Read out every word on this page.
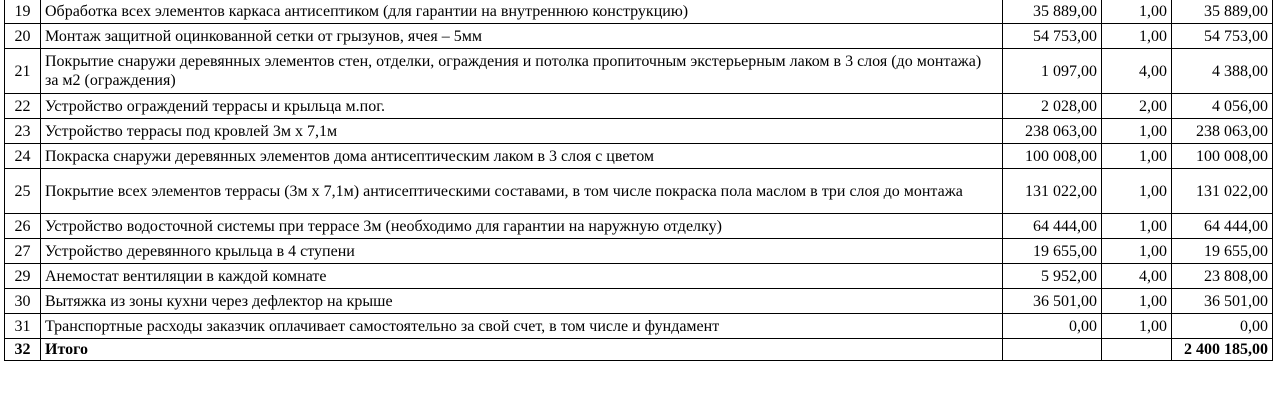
19	Обработка всех элементов каркаса антисептиком (для гарантии на внутреннюю конструкцию)	35 889,00	1,00	35 889,00
20	Монтаж защитной оцинкованной сетки от грызунов, ячея – 5мм	54 753,00	1,00	54 753,00
21	Покрытие снаружи деревянных элементов стен, отделки, ограждения и потолка пропиточным экстерьерным лаком в 3 слоя (до монтажа) за м2 (ограждения)	1 097,00	4,00	4 388,00
22	Устройство ограждений террасы и крыльца м.пог.	2 028,00	2,00	4 056,00
23	Устройство террасы под кровлей 3м х 7,1м	238 063,00	1,00	238 063,00
24	Покраска снаружи деревянных элементов дома антисептическим лаком в 3 слоя с цветом	100 008,00	1,00	100 008,00
25	Покрытие всех элементов террасы (3м х 7,1м) антисептическими составами, в том числе покраска пола маслом в три слоя до монтажа	131 022,00	1,00	131 022,00
26	Устройство водосточной системы при террасе 3м (необходимо для гарантии на наружную отделку)	64 444,00	1,00	64 444,00
27	Устройство деревянного крыльца в 4 ступени	19 655,00	1,00	19 655,00
29	Анемостат вентиляции в каждой комнате	5 952,00	4,00	23 808,00
30	Вытяжка из зоны кухни через дефлектор на крыше	36 501,00	1,00	36 501,00
31	Транспортные расходы заказчик оплачивает самостоятельно за свой счет, в том числе и фундамент	0,00	1,00	0,00
32	Итого			2 400 185,00
